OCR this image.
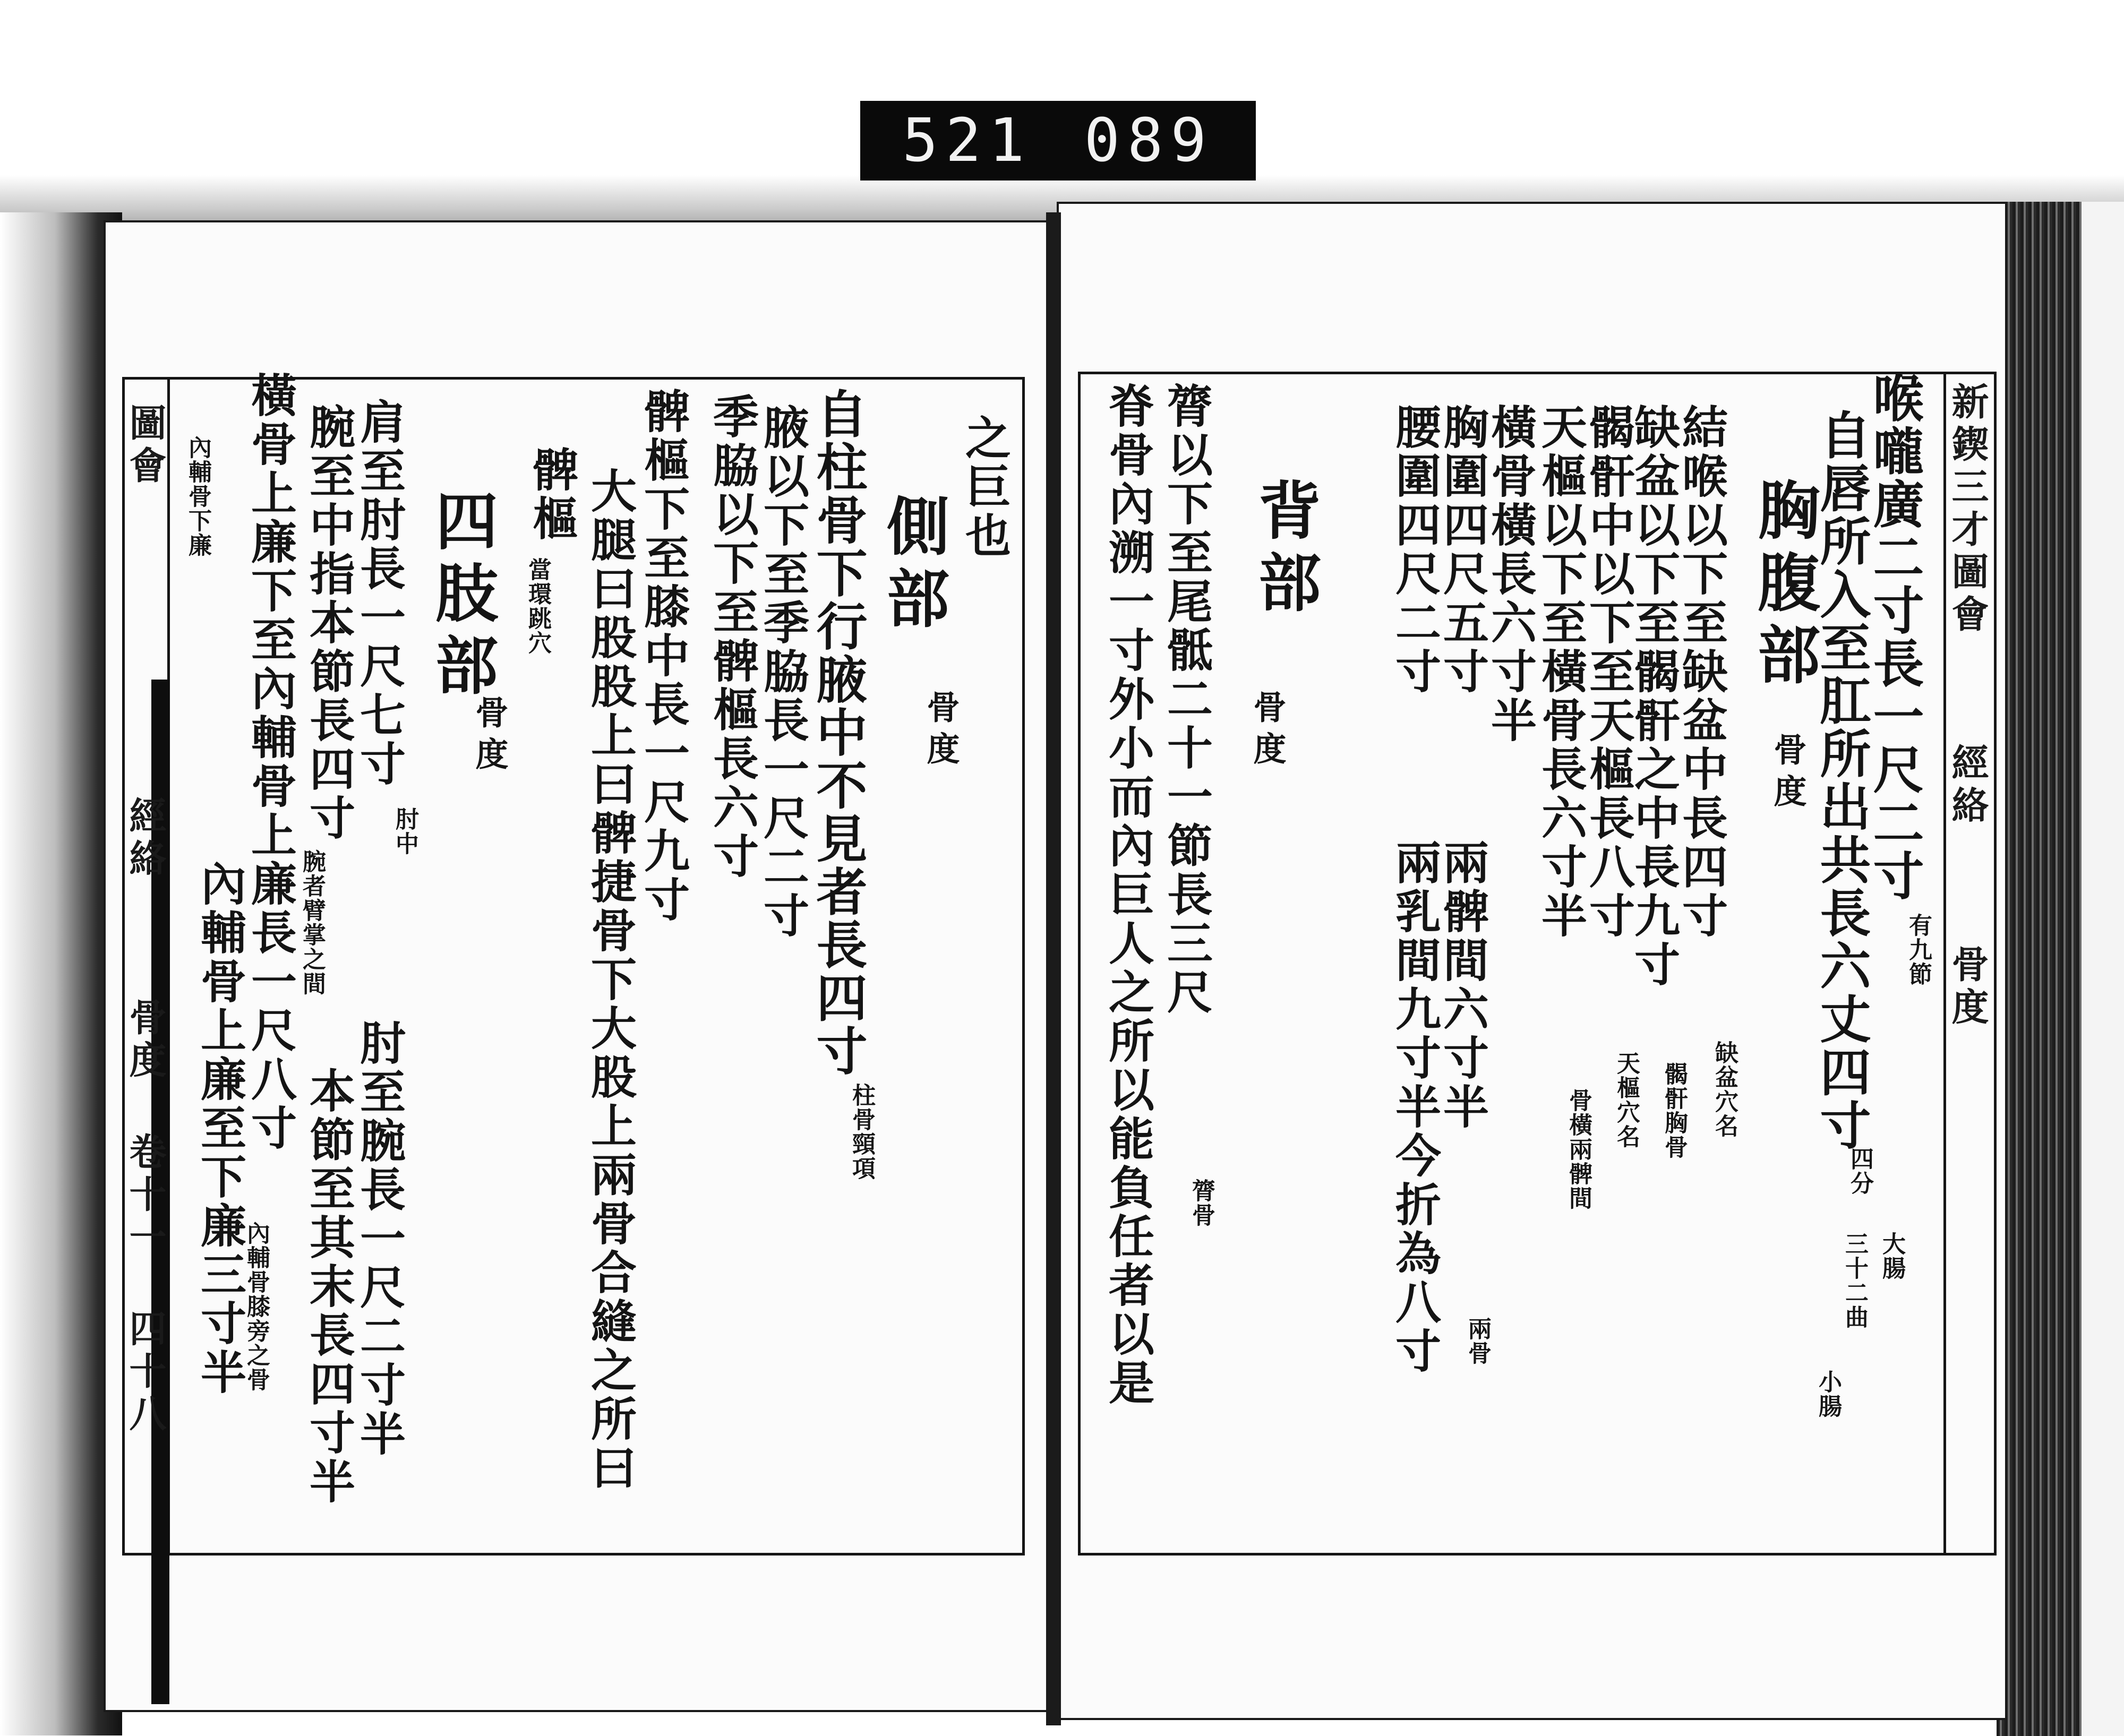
521 089
新鍥三才圖會
經絡
骨度
喉嚨廣二寸長一尺二寸
有九節
自唇所入至肛所出共長六丈四寸
四分
大腸
三十二曲
小腸
胸腹部
骨度
結喉以下至缺盆中長四寸
缺盆穴名
缺盆以下至𩩲骭之中長九寸
𩩲骭胸骨
𩩲骭中以下至天樞長八寸
天樞穴名
天樞以下至橫骨長六寸半
骨橫兩髀間
橫骨橫長六寸半
兩骨
胸圍四尺五寸
兩髀間六寸半
腰圍四尺二寸
兩乳間九寸半今折為八寸
背部
骨度
膂以下至尾骶二十一節長三尺
膂骨
脊骨內溯一寸外小而內巨人之所以能負任者以是
圖會
經絡
骨度 卷十一 四十八
之巨也
側部
骨度
自柱骨下行腋中不見者長四寸
柱骨頸項
腋以下至季脇長一尺二寸
季脇以下至髀樞長六寸
髀樞下至膝中長一尺九寸
大腿曰股股上曰髀捷骨下大股上兩骨合縫之所曰
髀樞
當環跳穴
四肢部
骨度
肩至肘長一尺七寸
肘中
肘至腕長一尺二寸半
腕至中指本節長四寸
腕者臂掌之間
本節至其末長四寸半
橫骨上廉下至內輔骨上廉長一尺八寸
內輔骨膝旁之骨
內輔骨上廉至下廉三寸半
內輔骨下廉
